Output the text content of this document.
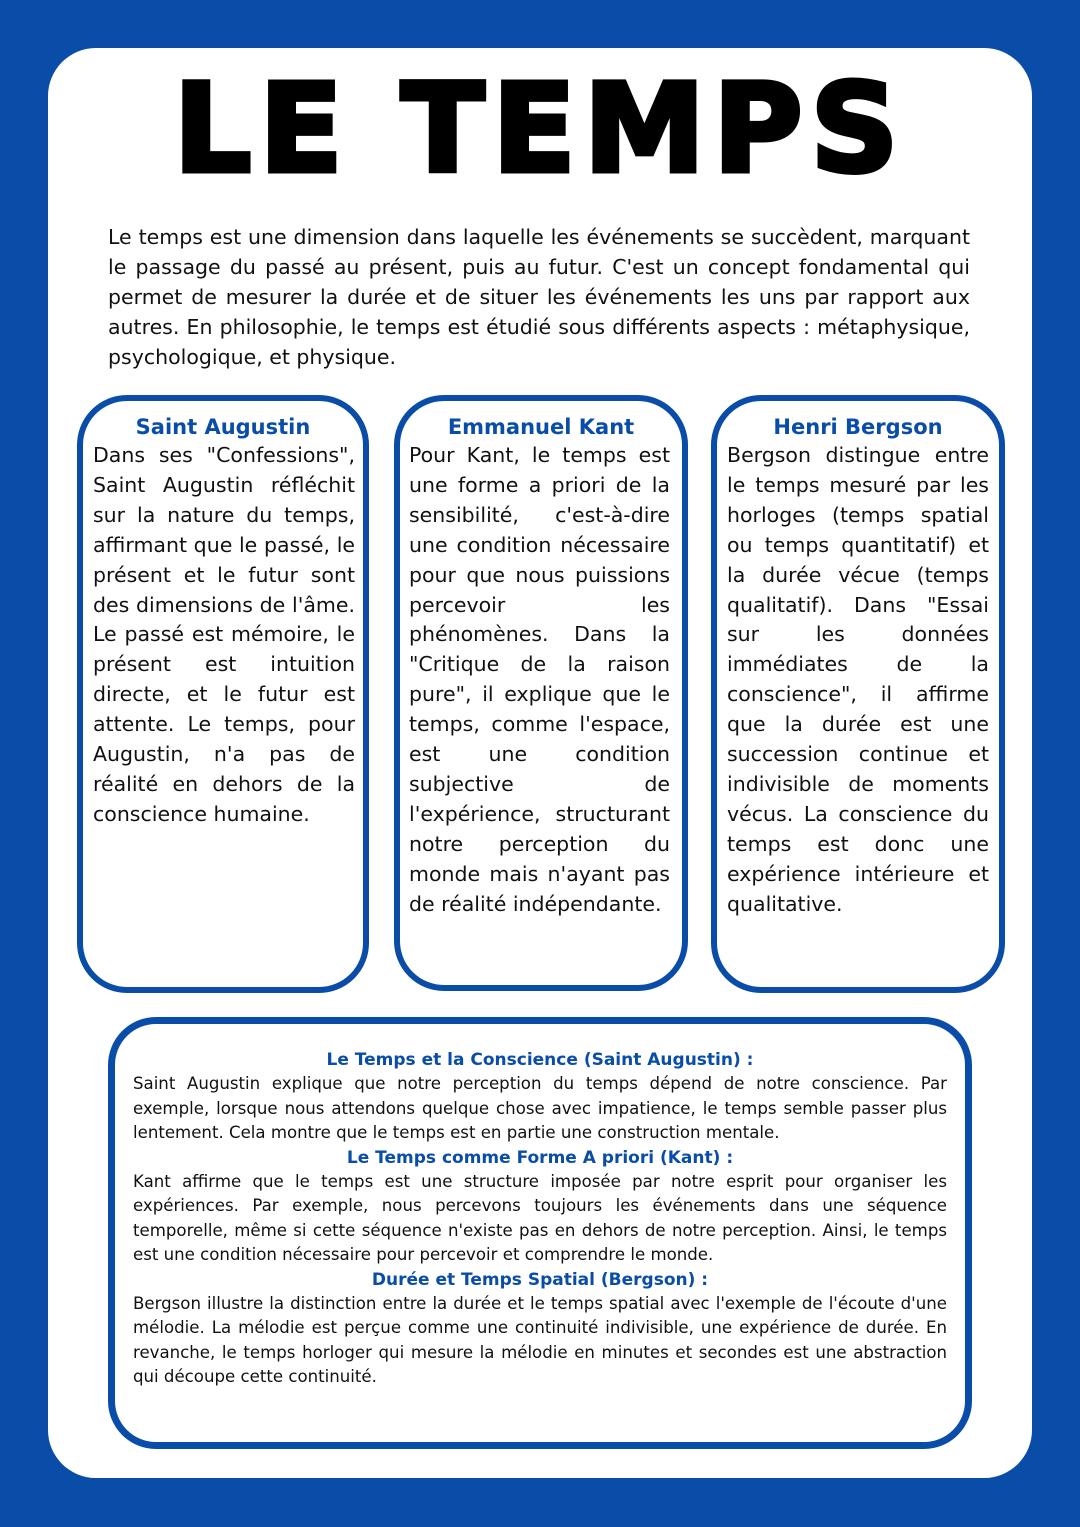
LE TEMPS

Le temps est une dimension dans laquelle les événements se succèdent, marquant le passage du passé au présent, puis au futur. C'est un concept fondamental qui permet de mesurer la durée et de situer les événements les uns par rapport aux autres. En philosophie, le temps est étudié sous différents aspects : métaphysique, psychologique, et physique.

Saint Augustin

Dans ses "Confessions", Saint Augustin réfléchit sur la nature du temps, affirmant que le passé, le présent et le futur sont des dimensions de l'âme. Le passé est mémoire, le présent est intuition directe, et le futur est attente. Le temps, pour Augustin, n'a pas de réalité en dehors de la conscience humaine.

Emmanuel Kant

Pour Kant, le temps est une forme a priori de la sensibilité, c'est-à-dire une condition nécessaire pour que nous puissions percevoir les phénomènes. Dans la "Critique de la raison pure", il explique que le temps, comme l'espace, est une condition subjective de l'expérience, structurant notre perception du monde mais n'ayant pas de réalité indépendante.

Henri Bergson

Bergson distingue entre le temps mesuré par les horloges (temps spatial ou temps quantitatif) et la durée vécue (temps qualitatif). Dans "Essai sur les données immédiates de la conscience", il affirme que la durée est une succession continue et indivisible de moments vécus. La conscience du temps est donc une expérience intérieure et qualitative.

Le Temps et la Conscience (Saint Augustin) :

Saint Augustin explique que notre perception du temps dépend de notre conscience. Par exemple, lorsque nous attendons quelque chose avec impatience, le temps semble passer plus lentement. Cela montre que le temps est en partie une construction mentale.

Le Temps comme Forme A priori (Kant) :

Kant affirme que le temps est une structure imposée par notre esprit pour organiser les expériences. Par exemple, nous percevons toujours les événements dans une séquence temporelle, même si cette séquence n'existe pas en dehors de notre perception. Ainsi, le temps est une condition nécessaire pour percevoir et comprendre le monde.

Durée et Temps Spatial (Bergson) :

Bergson illustre la distinction entre la durée et le temps spatial avec l'exemple de l'écoute d'une mélodie. La mélodie est perçue comme une continuité indivisible, une expérience de durée. En revanche, le temps horloger qui mesure la mélodie en minutes et secondes est une abstraction qui découpe cette continuité.
